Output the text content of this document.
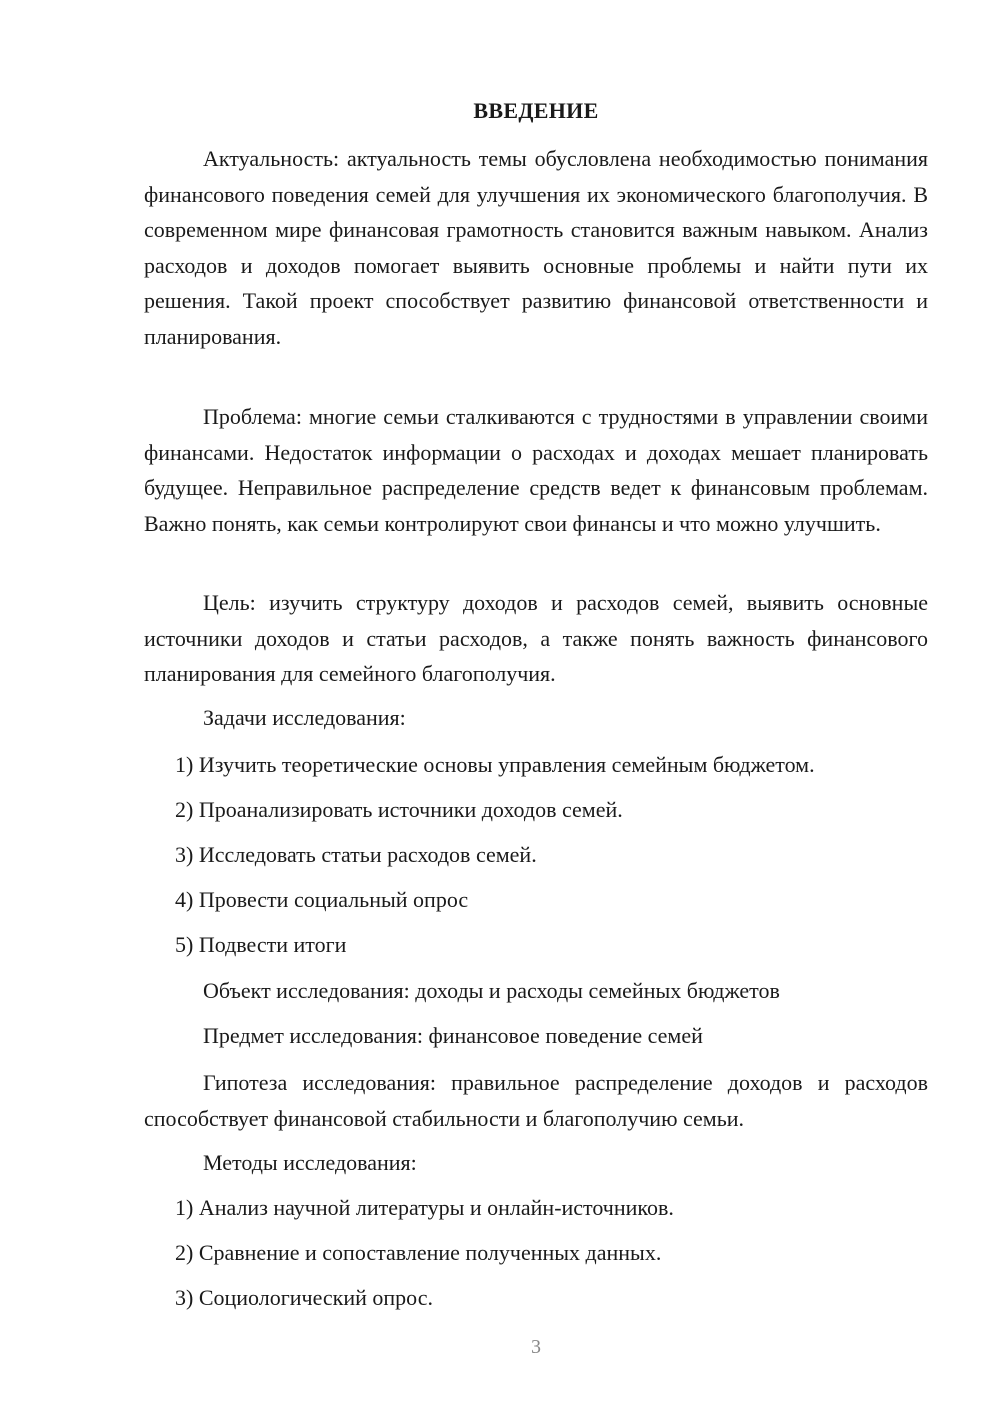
ВВЕДЕНИЕ

Актуальность: актуальность темы обусловлена необходимостью понимания финансового поведения семей для улучшения их экономического благополучия. В современном мире финансовая грамотность становится важным навыком. Анализ расходов и доходов помогает выявить основные проблемы и найти пути их решения. Такой проект способствует развитию финансовой ответственности и планирования.

Проблема: многие семьи сталкиваются с трудностями в управлении своими финансами. Недостаток информации о расходах и доходах мешает планировать будущее. Неправильное распределение средств ведет к финансовым проблемам. Важно понять, как семьи контролируют свои финансы и что можно улучшить.

Цель: изучить структуру доходов и расходов семей, выявить основные источники доходов и статьи расходов, а также понять важность финансового планирования для семейного благополучия.

Задачи исследования:

1) Изучить теоретические основы управления семейным бюджетом.

2) Проанализировать источники доходов семей.

3) Исследовать статьи расходов семей.

4) Провести социальный опрос

5) Подвести итоги

Объект исследования: доходы и расходы семейных бюджетов

Предмет исследования: финансовое поведение семей

Гипотеза исследования: правильное распределение доходов и расходов способствует финансовой стабильности и благополучию семьи.

Методы исследования:

1) Анализ научной литературы и онлайн-источников.

2) Сравнение и сопоставление полученных данных.

3) Социологический опрос.

3
